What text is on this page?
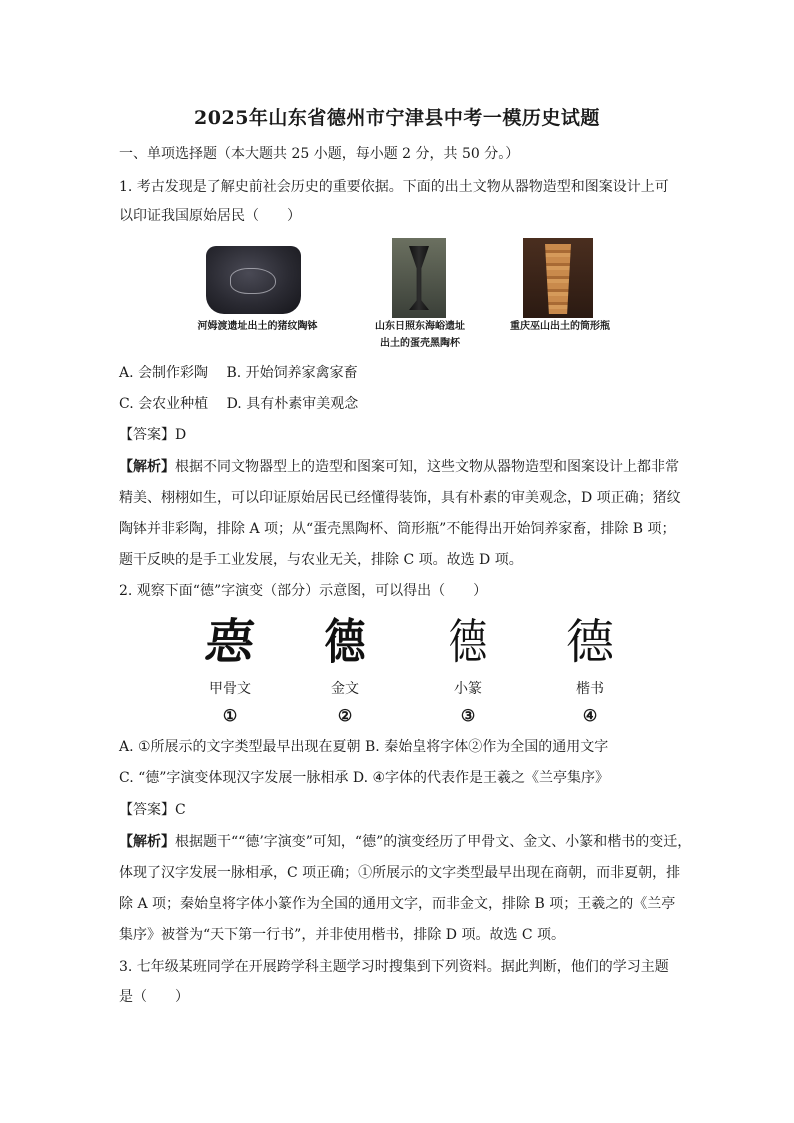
2025年山东省德州市宁津县中考一模历史试题
一、单项选择题（本大题共 25 小题，每小题 2 分，共 50 分。）
1. 考古发现是了解史前社会历史的重要依据。下面的出土文物从器物造型和图案设计上可
以印证我国原始居民（　　）
河姆渡遗址出土的猪纹陶钵	山东日照东海峪遗址
出土的蛋壳黑陶杯
重庆巫山出土的筒形瓶
A. 会制作彩陶　 B. 开始饲养家禽家畜
C. 会农业种植　 D. 具有朴素审美观念
【答案】D
【解析】根据不同文物器型上的造型和图案可知，这些文物从器物造型和图案设计上都非常
精美、栩栩如生，可以印证原始居民已经懂得装饰，具有朴素的审美观念，D 项正确；猪纹
陶钵并非彩陶，排除 A 项；从“蛋壳黑陶杯、筒形瓶”不能得出开始饲养家畜，排除 B 项；
题干反映的是手工业发展，与农业无关，排除 C 项。故选 D 项。
2. 观察下面“德”字演变（部分）示意图，可以得出（　　）
𢛳	德 德	德
甲骨文	金文	小篆	楷书
①	②	③	④
A. ①所展示的文字类型最早出现在夏朝 B. 秦始皇将字体②作为全国的通用文字
C. “德”字演变体现汉字发展一脉相承 D. ④字体的代表作是王羲之《兰亭集序》
【答案】C
【解析】根据题干““德’字演变”可知，“德”的演变经历了甲骨文、金文、小篆和楷书的变迁，
体现了汉字发展一脉相承，C 项正确；①所展示的文字类型最早出现在商朝，而非夏朝，排
除 A 项；秦始皇将字体小篆作为全国的通用文字，而非金文，排除 B 项；王羲之的《兰亭
集序》被誉为“天下第一行书”，并非使用楷书，排除 D 项。故选 C 项。
3. 七年级某班同学在开展跨学科主题学习时搜集到下列资料。据此判断，他们的学习主题
是（　　）
